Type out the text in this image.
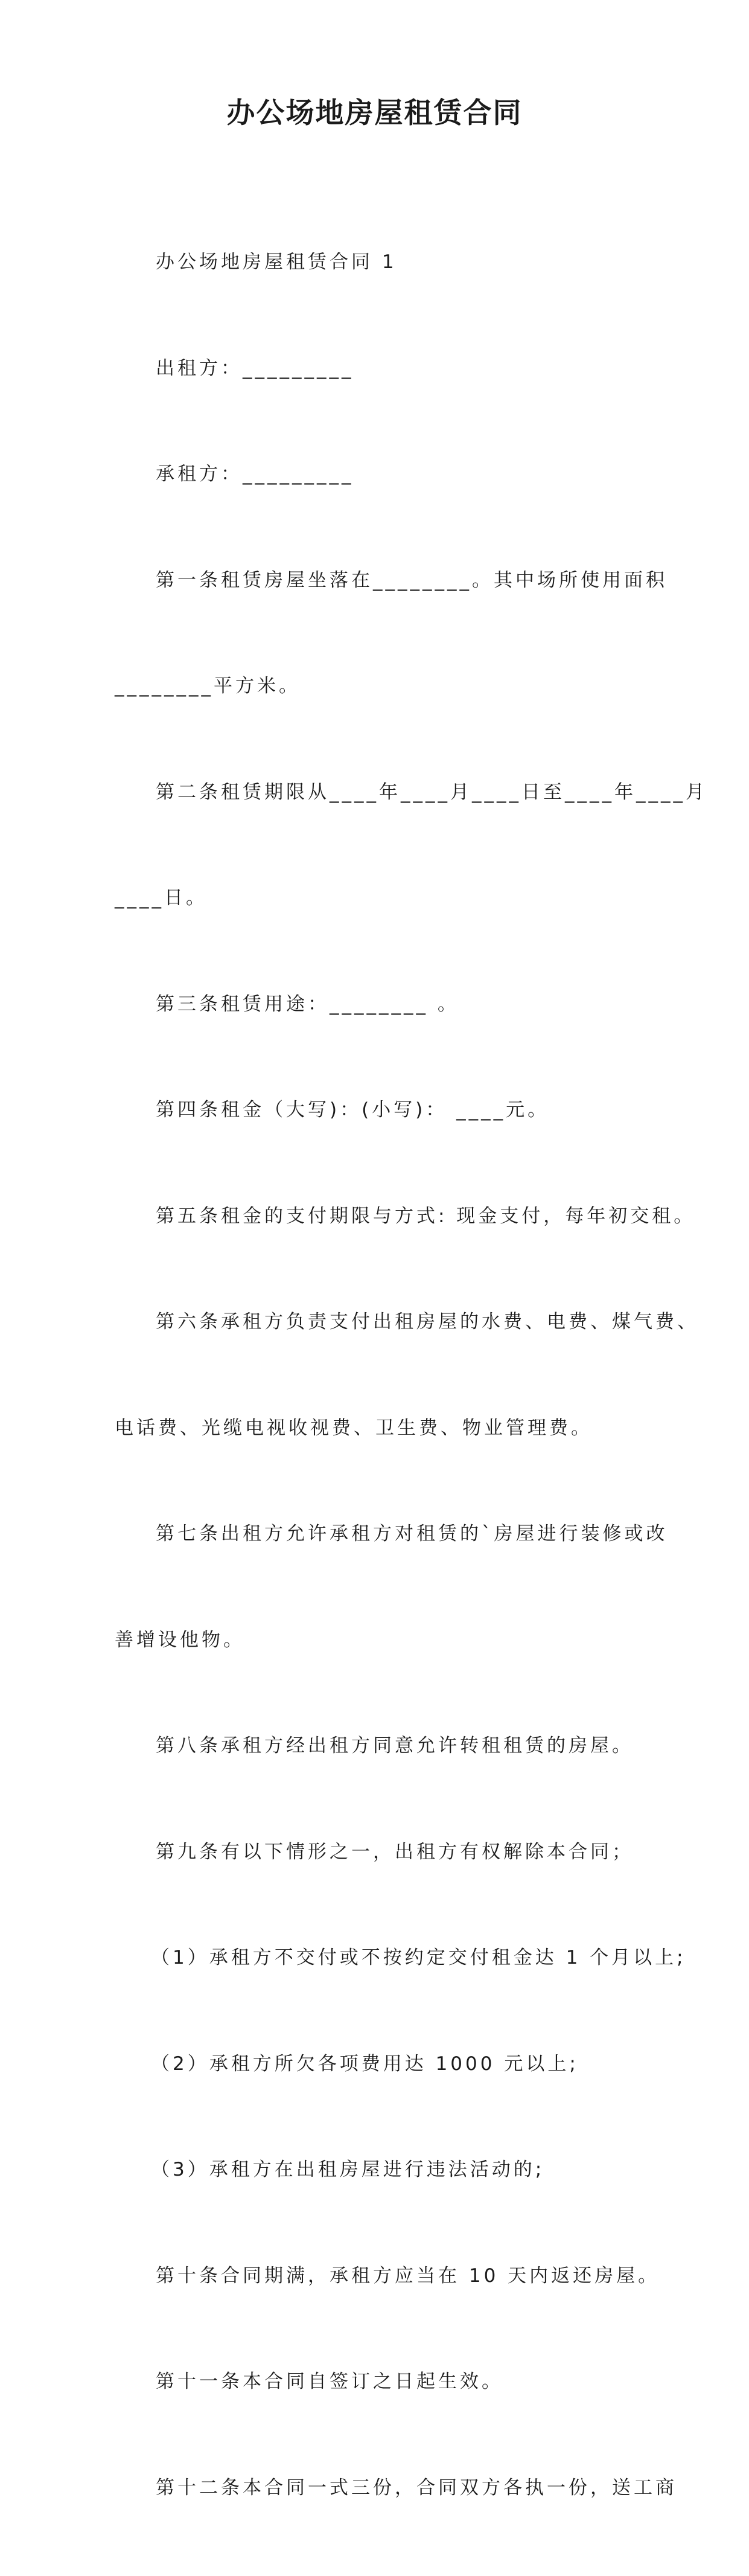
办公场地房屋租赁合同

办公场地房屋租赁合同 1

出租方：_________

承租方：_________

第一条租赁房屋坐落在________。其中场所使用面积

________平方米。

第二条租赁期限从____年____月____日至____年____月

____日。

第三条租赁用途：________ 。

第四条租金（大写)：(小写)： ____元。

第五条租金的支付期限与方式: 现金支付，每年初交租。

第六条承租方负责支付出租房屋的水费、电费、煤气费、

电话费、光缆电视收视费、卫生费、物业管理费。

第七条出租方允许承租方对租赁的`房屋进行装修或改

善增设他物。

第八条承租方经出租方同意允许转租租赁的房屋。

第九条有以下情形之一，出租方有权解除本合同；

（1）承租方不交付或不按约定交付租金达 1 个月以上;

（2）承租方所欠各项费用达 1000 元以上;

（3）承租方在出租房屋进行违法活动的;

第十条合同期满，承租方应当在 10 天内返还房屋。

第十一条本合同自签订之日起生效。

第十二条本合同一式三份，合同双方各执一份，送工商
